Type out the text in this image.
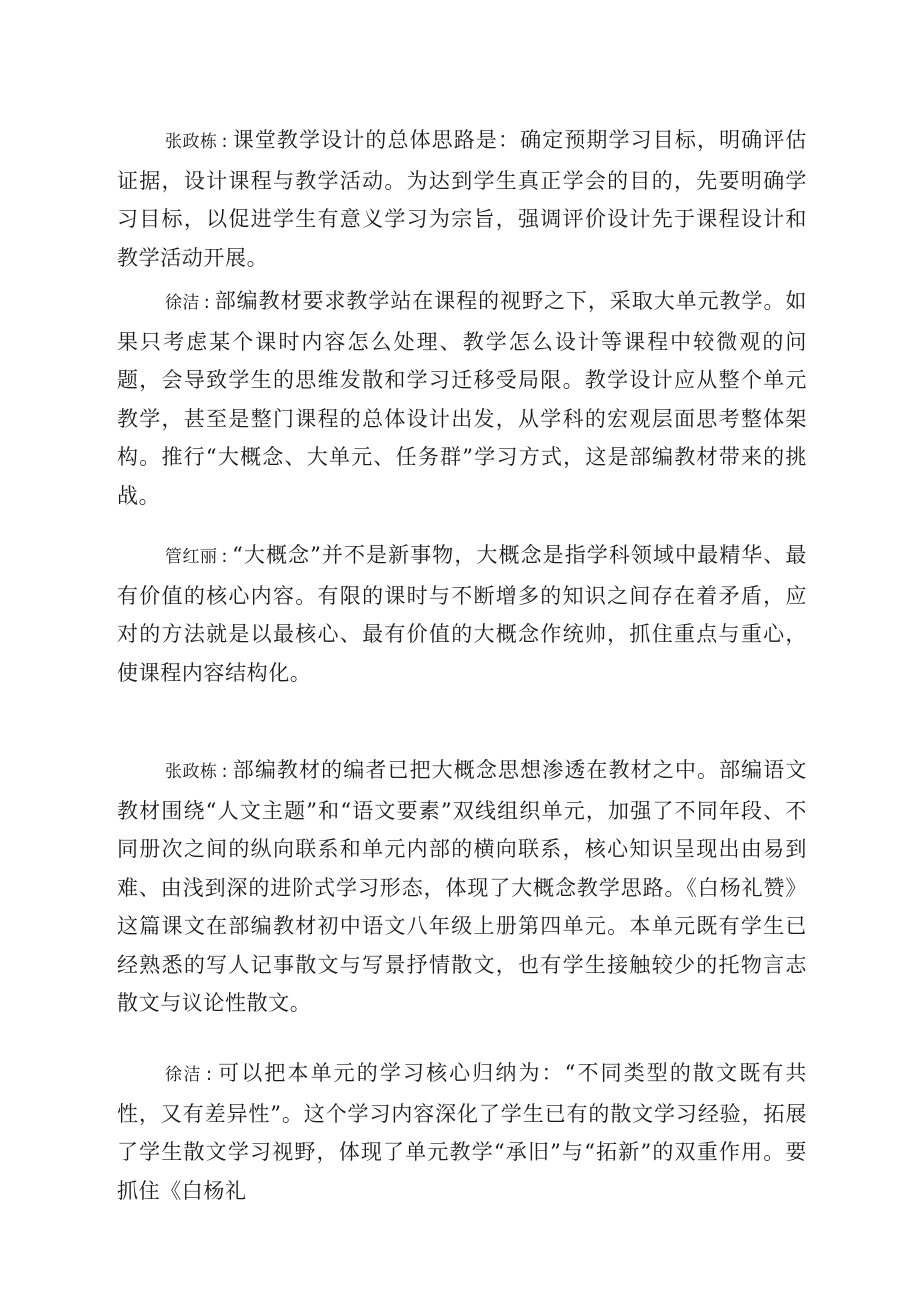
张政栋 : 课堂教学设计的总体思路是：确定预期学习目标，明确评估证据，设计课程与教学活动。为达到学生真正学会的目的，先要明确学习目标，以促进学生有意义学习为宗旨，强调评价设计先于课程设计和教学活动开展。

徐洁 : 部编教材要求教学站在课程的视野之下，采取大单元教学。如果只考虑某个课时内容怎么处理、教学怎么设计等课程中较微观的问题，会导致学生的思维发散和学习迁移受局限。教学设计应从整个单元教学，甚至是整门课程的总体设计出发，从学科的宏观层面思考整体架构。推行“大概念、大单元、任务群”学习方式，这是部编教材带来的挑战。

管红丽 : “大概念”并不是新事物，大概念是指学科领域中最精华、最有价值的核心内容。有限的课时与不断增多的知识之间存在着矛盾，应对的方法就是以最核心、最有价值的大概念作统帅，抓住重点与重心，使课程内容结构化。

张政栋 : 部编教材的编者已把大概念思想渗透在教材之中。部编语文教材围绕“人文主题”和“语文要素”双线组织单元，加强了不同年段、不同册次之间的纵向联系和单元内部的横向联系，核心知识呈现出由易到难、由浅到深的进阶式学习形态，体现了大概念教学思路。《白杨礼赞》这篇课文在部编教材初中语文八年级上册第四单元。本单元既有学生已经熟悉的写人记事散文与写景抒情散文，也有学生接触较少的托物言志散文与议论性散文。

徐洁 : 可以把本单元的学习核心归纳为：“不同类型的散文既有共性，又有差异性”。这个学习内容深化了学生已有的散文学习经验，拓展了学生散文学习视野，体现了单元教学“承旧”与“拓新”的双重作用。要抓住《白杨礼
